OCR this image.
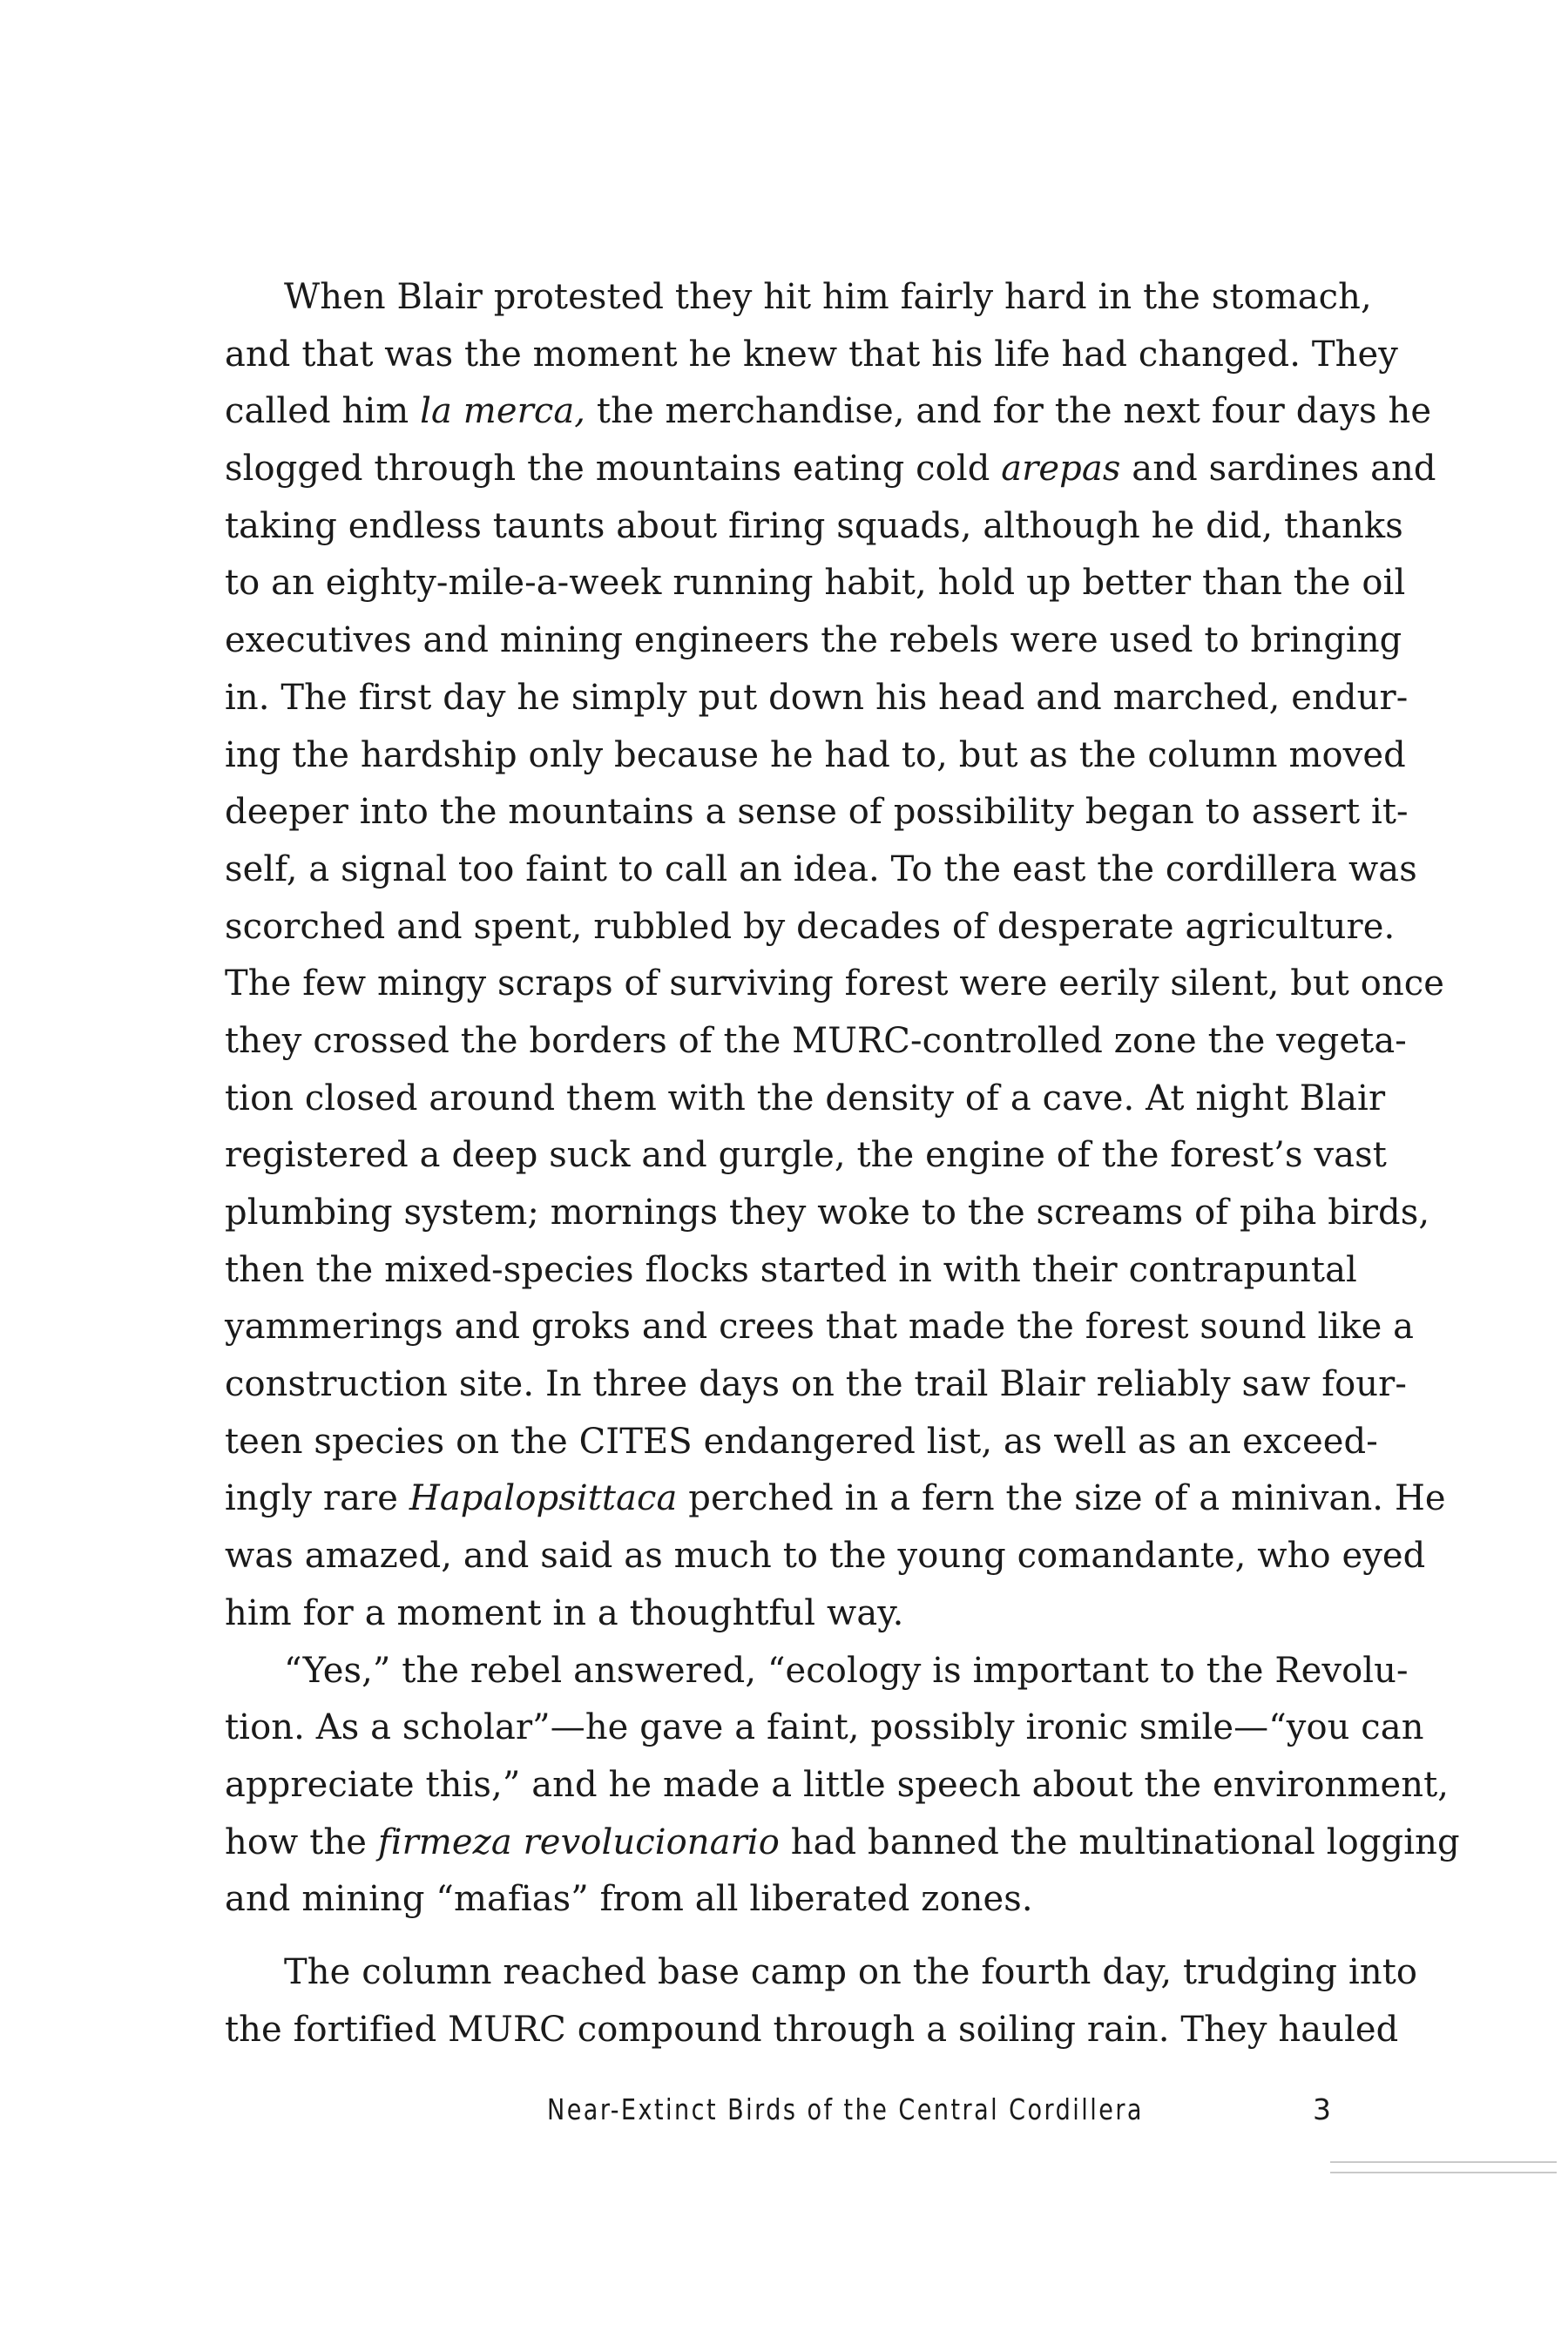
When Blair protested they hit him fairly hard in the stomach,
and that was the moment he knew that his life had changed. They
called him la merca, the merchandise, and for the next four days he
slogged through the mountains eating cold arepas and sardines and
taking endless taunts about firing squads, although he did, thanks
to an eighty-mile-a-week running habit, hold up better than the oil
executives and mining engineers the rebels were used to bringing
in. The first day he simply put down his head and marched, endur-
ing the hardship only because he had to, but as the column moved
deeper into the mountains a sense of possibility began to assert it-
self, a signal too faint to call an idea. To the east the cordillera was
scorched and spent, rubbled by decades of desperate agriculture.
The few mingy scraps of surviving forest were eerily silent, but once
they crossed the borders of the MURC-controlled zone the vegeta-
tion closed around them with the density of a cave. At night Blair
registered a deep suck and gurgle, the engine of the forest’s vast
plumbing system; mornings they woke to the screams of piha birds,
then the mixed-species flocks started in with their contrapuntal
yammerings and groks and crees that made the forest sound like a
construction site. In three days on the trail Blair reliably saw four-
teen species on the CITES endangered list, as well as an exceed-
ingly rare Hapalopsittaca perched in a fern the size of a minivan. He
was amazed, and said as much to the young comandante, who eyed
him for a moment in a thoughtful way.
“Yes,” the rebel answered, “ecology is important to the Revolu-
tion. As a scholar”—he gave a faint, possibly ironic smile—“you can
appreciate this,” and he made a little speech about the environment,
how the firmeza revolucionario had banned the multinational logging
and mining “mafias” from all liberated zones.
The column reached base camp on the fourth day, trudging into
the fortified MURC compound through a soiling rain. They hauled
Near-Extinct Birds of the Central Cordillera	3
